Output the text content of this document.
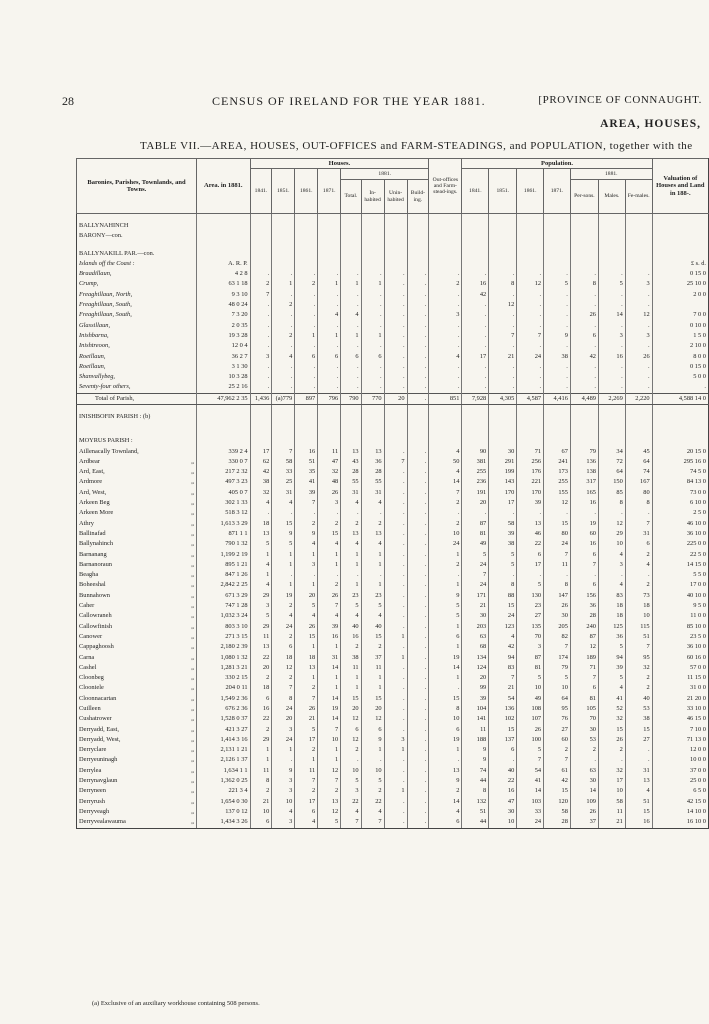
28	CENSUS OF IRELAND FOR THE YEAR 1881.	[PROVINCE OF CONNAUGHT.
AREA, HOUSES,
TABLE VII.—AREA, HOUSES, OUT-OFFICES and FARM-STEADINGS, and POPULATION, together with the
Baronies, Parishes, Townlands, and Towns.	Area. in 1881.	Houses.								Out-offices and Farm-stead-ings.	Population.							Valuation of Houses and Land in 188-.
		1841.	1851.	1861.	1871.	1881.					1841.	1851.	1861.	1871.	1881.			
						Total.	In-habited	Unin-habited	Build-ing.						Per-sons.	Males.	Fe-males.	

BALLYNAHINCH																		
BARONY—con.																		

BALLYNAKILL PAR.—con.																		
Islands off the Coast :	A. R. P.																	£ s. d.
Braadillaun,	4 2 8	.	.	.	.	.	.	.	.	.	.	.	.	.	.	.	.	0 15 0
Crump,	63 1 18	2	1	2	1	1	1	.	.	2	16	8	12	5	8	5	3	25 10 0
Freaghillaun, North,	9 3 10	7	.	.	.	.	.	.	.	.	42	.	.	.	.	.	.	2 0 0
Freaghillaun, South,	48 0 24	.	2	.	.	.	.	.	.	.	.	12	.	.	.	.	.	
Freaghillaun, South,	7 3 20	.	.	.	4	4	.	.	.	3	.	.	.	.	26	14	12	7 0 0
Glassillaun,	2 0 35	.	.	.	.	.	.	.	.	.	.	.	.	.	.	.	.	0 10 0
Inishbarna,	19 3 28	.	2	1	1	1	1	.	.	.	.	7	7	9	6	3	3	1 5 0
Inishtreoon,	12 0 4	.	.	.	.	.	.	.	.	.	.	.	.	.	.	.	.	2 10 0
Roeillaun,	36 2 7	3	4	6	6	6	6	.	.	4	17	21	24	38	42	16	26	8 0 0
Roeillaun,	3 1 30	.	.	.	.	.	.	.	.	.	.	.	.	.	.	.	.	0 15 0
Shanvallybeg,	10 3 28	.	.	.	.	.	.	.	.	.	.	.	.	.	.	.	.	5 0 0
Seventy-four others,	25 2 16	.	.	.	.	.	.	.	.	.	.	.	.	.	.	.	.	.
Total of Parish,	47,962 2 35	1,436	(a)779	897	796	790	770	20	.	851	7,928	4,305	4,587	4,416	4,489	2,269	2,220	4,588 14 0

INISHBOFIN PARISH : (b)																		

MOYRUS PARISH :																		
Aillenacally Townland,	339 2 4	17	7	16	11	13	13	.	.	4	90	30	71	67	79	34	45	20 15 0
Ardbear „	330 0 7	62	58	51	47	43	36	7	.	50	381	291	256	241	136	72	64	295 16 0
Ard, East, „	217 2 32	42	33	35	32	28	28	.	.	4	255	199	176	173	138	64	74	74 5 0
Ardmore „	497 3 23	38	25	41	48	55	55	.	.	14	236	143	221	255	317	150	167	84 13 0
Ard, West, „	405 0 7	32	31	39	26	31	31	.	.	7	191	170	170	155	165	85	80	73 0 0
Arkeen Beg „	302 1 33	4	4	7	3	4	4	.	.	2	20	17	39	12	16	8	8	6 10 0
Arkeen More „	518 3 12	.	.	.	.	.	.	.	.	.	.	.	.	.	.	.	.	2 5 0
Athry „	1,613 3 29	18	15	2	2	2	2	.	.	2	87	58	13	15	19	12	7	46 10 0
Ballinafad „	871 1 1	13	9	9	15	13	13	.	.	10	81	39	46	80	60	29	31	36 10 0
Ballynahinch „	790 1 32	5	5	4	4	4	4	.	.	24	49	38	22	24	16	10	6	225 0 0
Barnanang „	1,199 2 19	1	1	1	1	1	1	.	.	1	5	5	6	7	6	4	2	22 5 0
Barnanoraun „	895 1 21	4	1	3	1	1	1	.	.	2	24	5	17	11	7	3	4	14 15 0
Beagha „	847 1 26	1	.	.	.	.	.	.	.	.	7	.	.	.	.	.	.	5 5 0
Boheeshal „	2,842 2 25	4	1	1	2	1	1	.	.	1	24	8	5	8	6	4	2	17 0 0
Bunnahown „	671 3 29	29	19	20	26	23	23	.	.	9	171	88	130	147	156	83	73	40 10 0
Caher „	747 1 28	3	2	5	7	5	5	.	.	5	21	15	23	26	36	18	18	9 5 0
Callowraneh „	1,032 3 24	5	4	4	4	4	4	.	.	5	30	24	27	30	28	18	10	11 0 0
Callowfinish „	803 3 10	29	24	26	39	40	40	.	.	1	203	123	135	205	240	125	115	85 10 0
Canower „	271 3 15	11	2	15	16	16	15	1	.	6	63	4	70	82	87	36	51	23 5 0
Cappaghoosh „	2,180 2 39	13	6	1	1	2	2	.	.	1	68	42	3	7	12	5	7	36 10 0
Carna „	1,080 1 32	22	18	18	31	38	37	1	.	19	134	94	87	174	189	94	95	60 16 0
Cashel „	1,281 3 21	20	12	13	14	11	11	.	.	14	124	83	81	79	71	39	32	57 0 0
Cloonbeg „	330 2 15	2	2	1	1	1	1	.	.	1	20	7	5	5	7	5	2	11 15 0
Clooniele „	204 0 11	18	7	2	1	1	1	.	.	.	99	21	10	10	6	4	2	31 0 0
Cloonnacartan „	1,549 2 36	6	8	7	14	15	15	.	.	15	39	54	49	64	81	41	40	21 20 0
Cuilleen „	676 2 36	16	24	26	19	20	20	.	.	8	104	136	108	95	105	52	53	33 10 0
Cushatrower „	1,528 0 37	22	20	21	14	12	12	.	.	10	141	102	107	76	70	32	38	46 15 0
Derryadd, East, „	421 3 27	2	3	5	7	6	6	.	.	6	11	15	26	27	30	15	15	7 10 0
Derryadd, West, „	1,414 3 16	29	24	17	10	12	9	3	.	19	188	137	100	60	53	26	27	71 13 0
Derryclare „	2,131 1 21	1	1	2	1	2	1	1	.	1	9	6	5	2	2	2	.	12 0 0
Derryeuninagh „	2,126 1 37	1	.	1	1	.	.	.	.	.	9	.	7	7	.	.	.	10 0 0
Derrylea „	1,634 1 1	11	9	11	12	10	10	.	.	13	74	40	54	61	63	32	31	37 0 0
Derrynavglaun „	1,362 0 25	8	3	7	7	5	5	.	.	9	44	22	41	42	30	17	13	25 0 0
Derryneen „	221 3 4	2	3	2	2	3	2	1	.	2	8	16	14	15	14	10	4	6 5 0
Derryrush „	1,654 0 30	21	10	17	13	22	22	.	.	14	132	47	103	120	109	58	51	42 15 0
Derryveagh „	137 0 12	10	4	6	12	4	4	.	.	4	51	30	33	58	26	11	15	14 10 0
Derryvealawauma „	1,434 3 26	6	3	4	5	7	7	.	.	6	44	10	24	28	37	21	16	16 10 0
(a) Exclusive of an auxiliary workhouse containing 508 persons.
